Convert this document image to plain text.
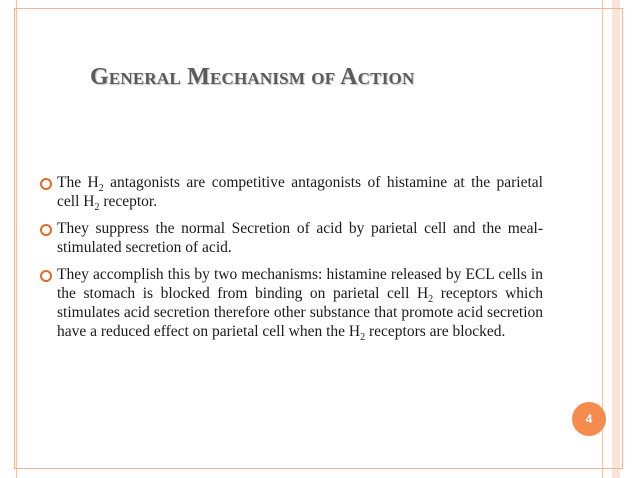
General Mechanism of Action
The $H_2$ antagonists are competitive antagonists of histamine at the parietal cell $H_2$ receptor.
They suppress the normal Secretion of acid by parietal cell and the meal-stimulated secretion of acid.
They accomplish this by two mechanisms: histamine released by ECL cells in the stomach is blocked from binding on parietal cell $H_2$ receptors which stimulates acid secretion therefore other substance that promote acid secretion have a reduced effect on parietal cell when the $H_2$ receptors are blocked.
4
